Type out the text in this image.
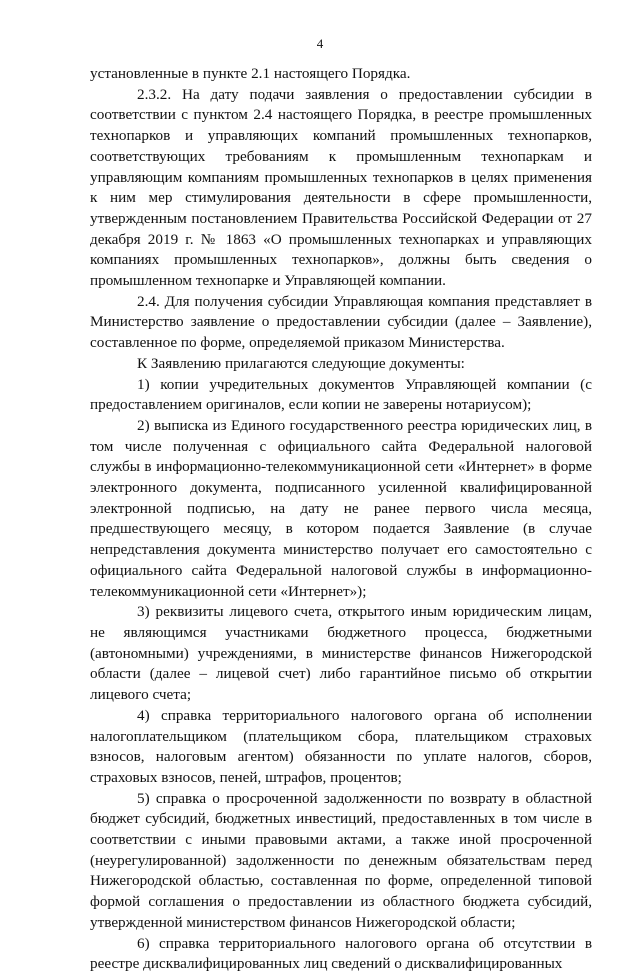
4

установленные в пункте 2.1 настоящего Порядка.

2.3.2. На дату подачи заявления о предоставлении субсидии в соответствии с пунктом 2.4 настоящего Порядка, в реестре промышленных технопарков и управляющих компаний промышленных технопарков, соответствующих требованиям к промышленным технопаркам и управляющим компаниям промышленных технопарков в целях применения к ним мер стимулирования деятельности в сфере промышленности, утвержденным постановлением Правительства Российской Федерации от 27 декабря 2019 г. № 1863 «О промышленных технопарках и управляющих компаниях промышленных технопарков», должны быть сведения о промышленном технопарке и Управляющей компании.

2.4. Для получения субсидии Управляющая компания представляет в Министерство заявление о предоставлении субсидии (далее – Заявление), составленное по форме, определяемой приказом Министерства.

К Заявлению прилагаются следующие документы:

1) копии учредительных документов Управляющей компании (с предоставлением оригиналов, если копии не заверены нотариусом);

2) выписка из Единого государственного реестра юридических лиц, в том числе полученная с официального сайта Федеральной налоговой службы в информационно-телекоммуникационной сети «Интернет» в форме электронного документа, подписанного усиленной квалифицированной электронной подписью, на дату не ранее первого числа месяца, предшествующего месяцу, в котором подается Заявление (в случае непредставления документа министерство получает его самостоятельно с официального сайта Федеральной налоговой службы в информационно-телекоммуникационной сети «Интернет»);

3) реквизиты лицевого счета, открытого иным юридическим лицам, не являющимся участниками бюджетного процесса, бюджетными (автономными) учреждениями, в министерстве финансов Нижегородской области (далее – лицевой счет) либо гарантийное письмо об открытии лицевого счета;

4) справка территориального налогового органа об исполнении налогоплательщиком (плательщиком сбора, плательщиком страховых взносов, налоговым агентом) обязанности по уплате налогов, сборов, страховых взносов, пеней, штрафов, процентов;

5) справка о просроченной задолженности по возврату в областной бюджет субсидий, бюджетных инвестиций, предоставленных в том числе в соответствии с иными правовыми актами, а также иной просроченной (неурегулированной) задолженности по денежным обязательствам перед Нижегородской областью, составленная по форме, определенной типовой формой соглашения о предоставлении из областного бюджета субсидий, утвержденной министерством финансов Нижегородской области;

6) справка территориального налогового органа об отсутствии в реестре дисквалифицированных лиц сведений о дисквалифицированных
